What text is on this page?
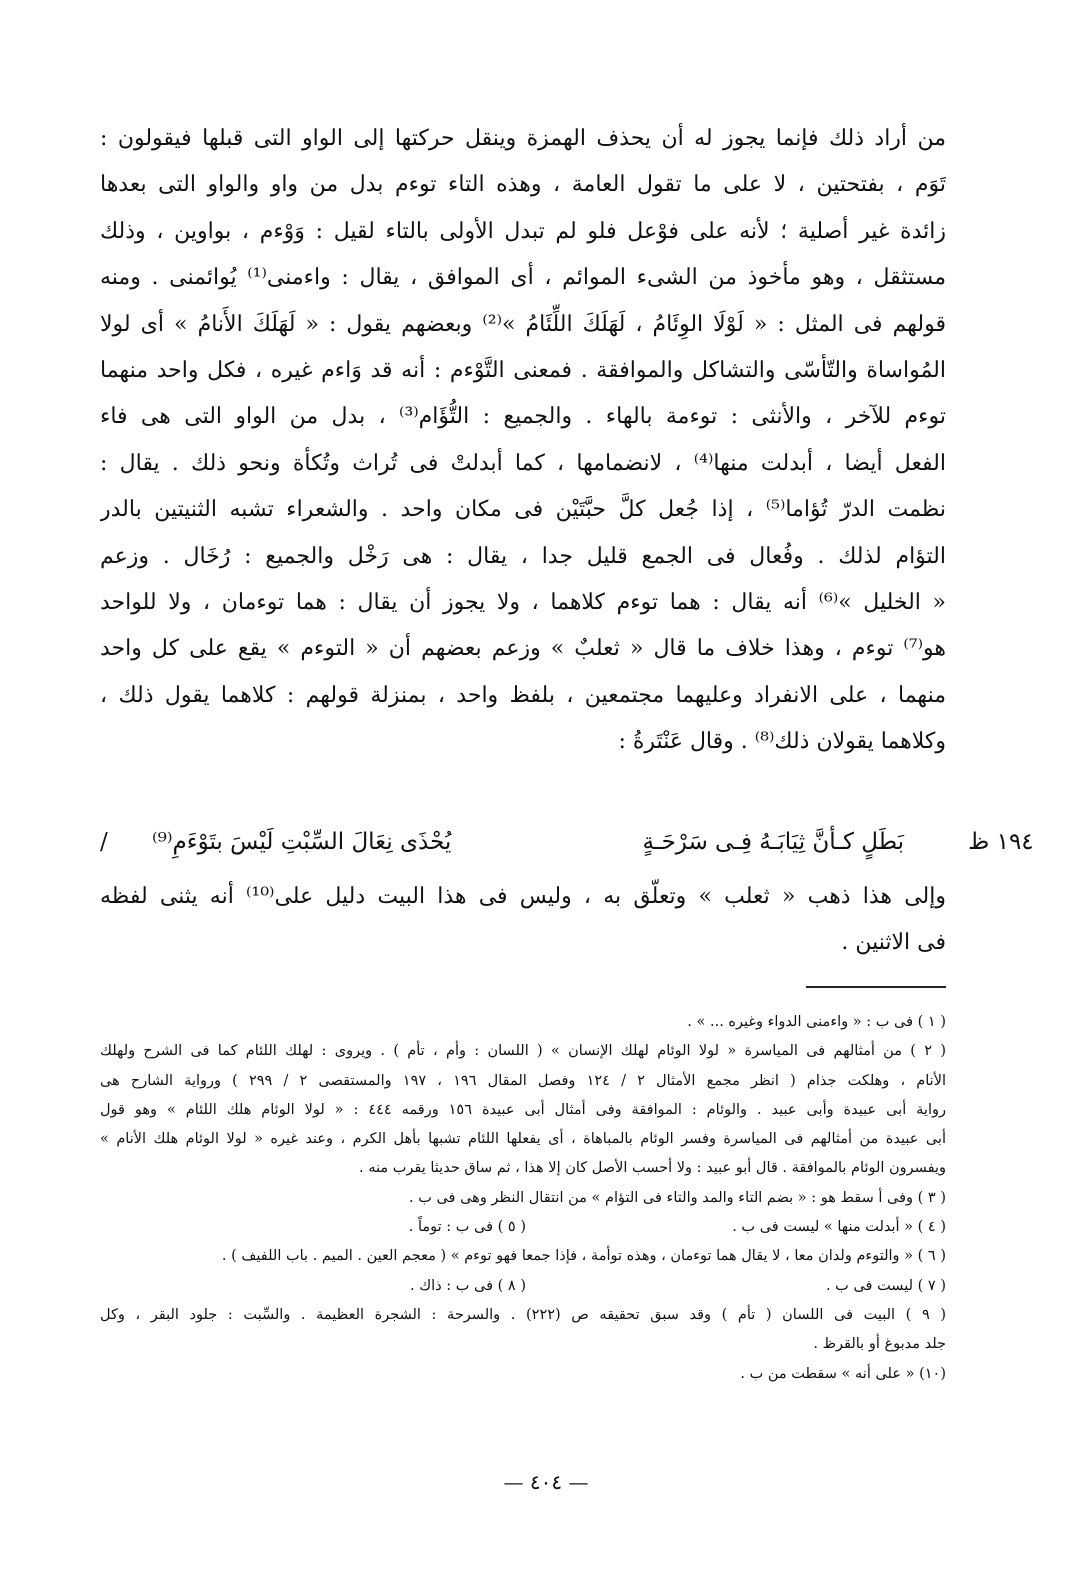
من أراد ذلك فإنما يجوز له أن يحذف الهمزة وينقل حركتها إلى الواو التى قبلها فيقولون :
تَوَم ، بفتحتين ، لا على ما تقول العامة ، وهذه التاء توءم بدل من واو والواو التى بعدها
زائدة غير أصلية ؛ لأنه على فوْعل فلو لم تبدل الأولى بالتاء لقيل : وَوْءم ، بواوين ، وذلك
مستثقل ، وهو مأخوذ من الشىء الموائم ، أى الموافق ، يقال : واءمنى⁽¹⁾ يُوائمنى . ومنه
قولهم فى المثل : « لَوْلَا الوِئَامُ ، لَهَلَكَ اللِّئَامُ »⁽²⁾ وبعضهم يقول : « لَهَلَكَ الأَنامُ » أى لولا
المُواساة والتّأسّى والتشاكل والموافقة . فمعنى التَّوْءم : أنه قد وَاءم غيره ، فكل واحد منهما
توءم للآخر ، والأنثى : توءمة بالهاء . والجميع : التُّؤَام⁽³⁾ ، بدل من الواو التى هى فاء
الفعل أيضا ، أبدلت منها⁽⁴⁾ ، لانضمامها ، كما أبدلتْ فى تُراث وتُكأة ونحو ذلك . يقال :
نظمت الدرّ تُؤاما⁽⁵⁾ ، إذا جُعل كلَّ حبَّتَيْن فى مكان واحد . والشعراء تشبه الثنيتين بالدر
التؤام لذلك . وفُعال فى الجمع قليل جدا ، يقال : هى رَخْل والجميع : رُخَال . وزعم
« الخليل »⁽⁶⁾ أنه يقال : هما توءم كلاهما ، ولا يجوز أن يقال : هما توءمان ، ولا للواحد
هو⁽⁷⁾ توءم ، وهذا خلاف ما قال « ثعلبٌ » وزعم بعضهم أن « التوءم » يقع على كل واحد
منهما ، على الانفراد وعليهما مجتمعين ، بلفظ واحد ، بمنزلة قولهم : كلاهما يقول ذلك ،
وكلاهما يقولان ذلك⁽⁸⁾ . وقال عَنْتَرةُ :
١٩٤ ظ
بَطَلٍ كـأنَّ ثِيَابَـهُ فِـى سَرْحَـةٍ
يُحْذَى نِعَالَ السِّبْتِ لَيْسَ بتَوْءَمِ⁽⁹⁾
/
وإلى هذا ذهب « ثعلب » وتعلّق به ، وليس فى هذا البيت دليل على⁽¹⁰⁾ أنه يثنى لفظه
فى الاثنين .
( ١ ) فى ب : « واءمنى الدواء وغيره ... » .
( ٢ ) من أمثالهم فى المياسرة « لولا الوئام لهلك الإنسان » ( اللسان : وأم ، تأم ) . ويروى : لهلك اللئام كما فى الشرح ولهلك
الأنام ، وهلكت جذام ( انظر مجمع الأمثال ٢ / ١٢٤ وفصل المقال ١٩٦ ، ١٩٧ والمستقصى ٢ / ٢٩٩ ) ورواية الشارح هى
رواية أبى عبيدة وأبى عبيد . والوئام : الموافقة وفى أمثال أبى عبيدة ١٥٦ ورقمه ٤٤٤ : « لولا الوئام هلك اللئام » وهو قول
أبى عبيدة من أمثالهم فى المياسرة وفسر الوئام بالمباهاة ، أى يفعلها اللئام تشبها بأهل الكرم ، وعند غيره « لولا الوئام هلك الأنام »
ويفسرون الوئام بالموافقة . قال أبو عبيد : ولا أحسب الأصل كان إلا هذا ، ثم ساق حديثا يقرب منه .
( ٣ ) وفى أ سقط هو : « بضم التاء والمد والتاء فى التؤام » من انتقال النظر وهى فى ب .
( ٤ ) « أبدلت منها » ليست فى ب .
( ٥ ) فى ب : توماً .
( ٦ ) « والتوءم ولدان معا ، لا يقال هما توءمان ، وهذه توأمة ، فإذا جمعا فهو توءم » ( معجم العين . الميم . باب اللفيف ) .
( ٧ ) ليست فى ب .
( ٨ ) فى ب : ذاك .
( ٩ ) البيت فى اللسان ( تأم ) وقد سبق تحقيقه ص (٢٢٢) . والسرحة : الشجرة العظيمة . والسِّبت : جلود البقر ، وكل
جلد مدبوغ أو بالقرظ .
(١٠) « على أنه » سقطت من ب .
— ٤٠٤ —
